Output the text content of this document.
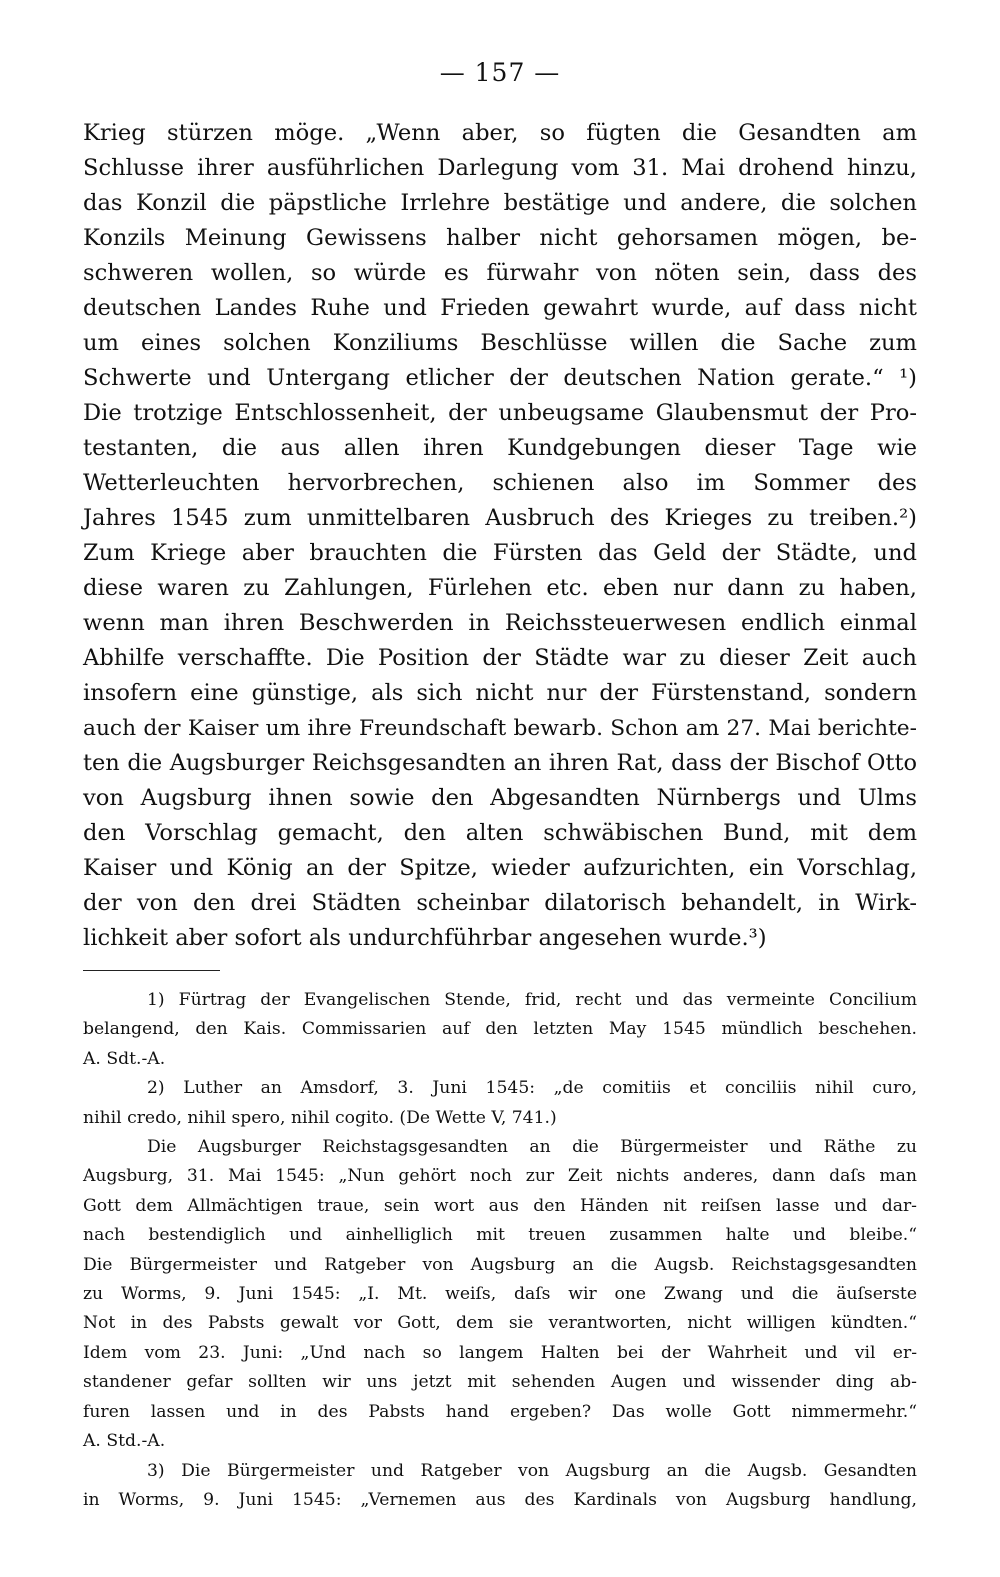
— 157 —
Krieg stürzen möge. „Wenn aber, so fügten die Gesandten am
Schlusse ihrer ausführlichen Darlegung vom 31. Mai drohend hinzu,
das Konzil die päpstliche Irrlehre bestätige und andere, die solchen
Konzils Meinung Gewissens halber nicht gehorsamen mögen, be-
schweren wollen, so würde es fürwahr von nöten sein, dass des
deutschen Landes Ruhe und Frieden gewahrt wurde, auf dass nicht
um eines solchen Konziliums Beschlüsse willen die Sache zum
Schwerte und Untergang etlicher der deutschen Nation gerate.“ ¹)
Die trotzige Entschlossenheit, der unbeugsame Glaubensmut der Pro-
testanten, die aus allen ihren Kundgebungen dieser Tage wie
Wetterleuchten hervorbrechen, schienen also im Sommer des
Jahres 1545 zum unmittelbaren Ausbruch des Krieges zu treiben.²)
Zum Kriege aber brauchten die Fürsten das Geld der Städte, und
diese waren zu Zahlungen, Fürlehen etc. eben nur dann zu haben,
wenn man ihren Beschwerden in Reichssteuerwesen endlich einmal
Abhilfe verschaffte. Die Position der Städte war zu dieser Zeit auch
insofern eine günstige, als sich nicht nur der Fürstenstand, sondern
auch der Kaiser um ihre Freundschaft bewarb. Schon am 27. Mai berichte-
ten die Augsburger Reichsgesandten an ihren Rat, dass der Bischof Otto
von Augsburg ihnen sowie den Abgesandten Nürnbergs und Ulms
den Vorschlag gemacht, den alten schwäbischen Bund, mit dem
Kaiser und König an der Spitze, wieder aufzurichten, ein Vorschlag,
der von den drei Städten scheinbar dilatorisch behandelt, in Wirk-
lichkeit aber sofort als undurchführbar angesehen wurde.³)
1) Fürtrag der Evangelischen Stende, frid, recht und das vermeinte Concilium
belangend, den Kais. Commissarien auf den letzten May 1545 mündlich beschehen.
A. Sdt.-A.
2) Luther an Amsdorf, 3. Juni 1545: „de comitiis et conciliis nihil curo,
nihil credo, nihil spero, nihil cogito. (De Wette V, 741.)
Die Augsburger Reichstagsgesandten an die Bürgermeister und Räthe zu
Augsburg, 31. Mai 1545: „Nun gehört noch zur Zeit nichts anderes, dann daſs man
Gott dem Allmächtigen traue, sein wort aus den Händen nit reiſsen lasse und dar-
nach bestendiglich und ainhelliglich mit treuen zusammen halte und bleibe.“
Die Bürgermeister und Ratgeber von Augsburg an die Augsb. Reichstagsgesandten
zu Worms, 9. Juni 1545: „I. Mt. weiſs, daſs wir one Zwang und die äuſserste
Not in des Pabsts gewalt vor Gott, dem sie verantworten, nicht willigen kündten.“
Idem vom 23. Juni: „Und nach so langem Halten bei der Wahrheit und vil er-
standener gefar sollten wir uns jetzt mit sehenden Augen und wissender ding ab-
furen lassen und in des Pabsts hand ergeben? Das wolle Gott nimmermehr.“
A. Std.-A.
3) Die Bürgermeister und Ratgeber von Augsburg an die Augsb. Gesandten
in Worms, 9. Juni 1545: „Vernemen aus des Kardinals von Augsburg handlung,
